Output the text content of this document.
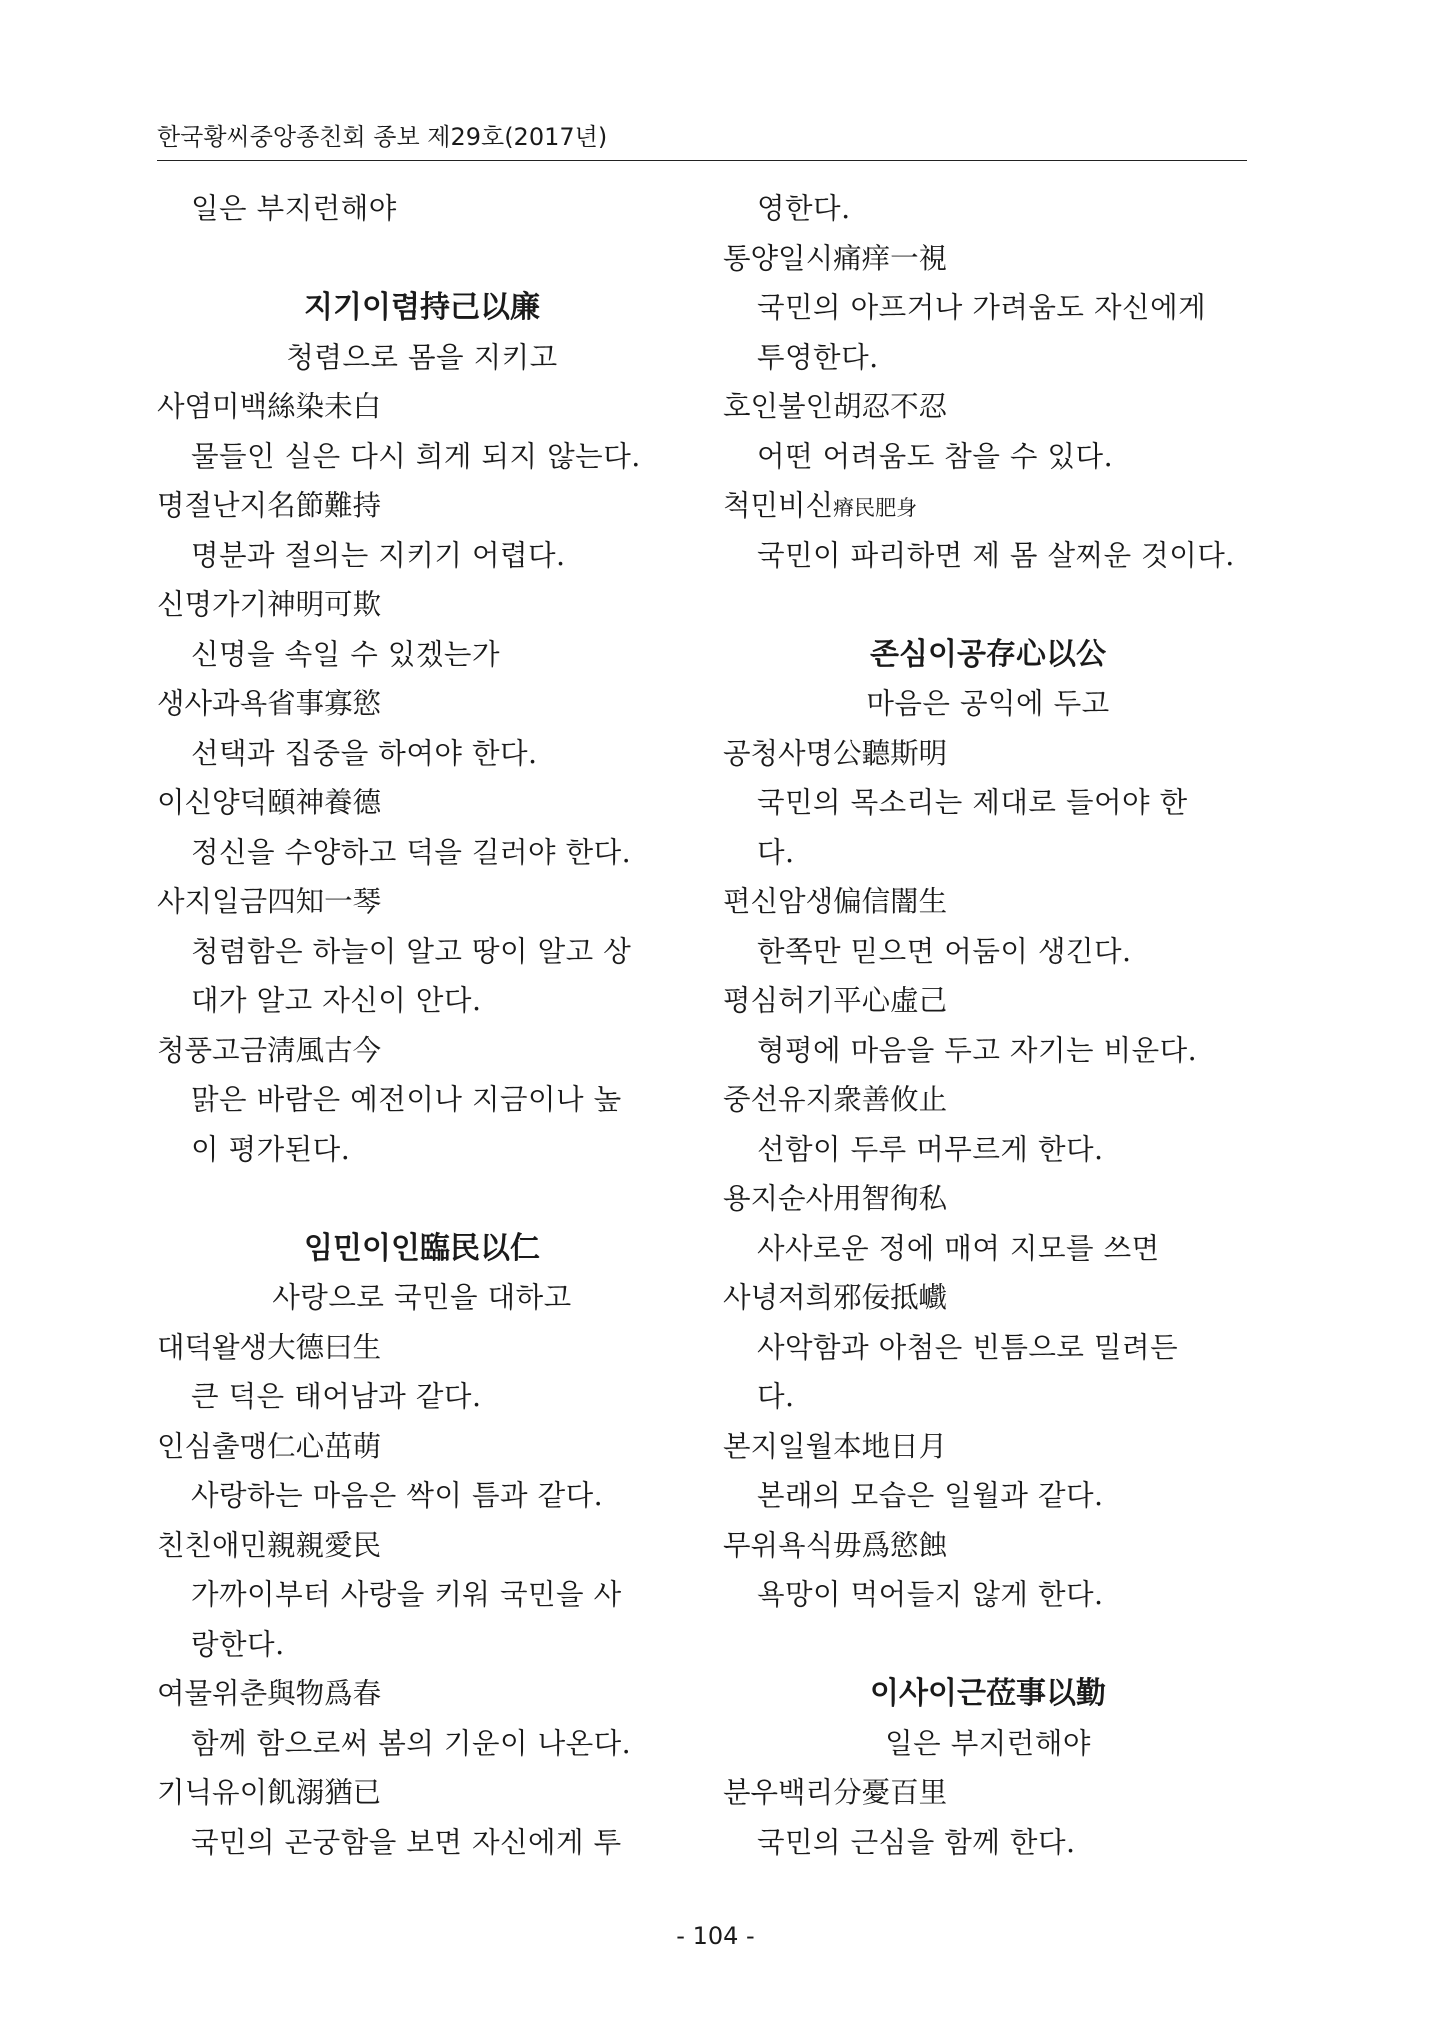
한국황씨중앙종친회 종보 제29호(2017년)
일은 부지런해야
지기이렴持己以廉
청렴으로 몸을 지키고
사염미백絲染未白
물들인 실은 다시 희게 되지 않는다.
명절난지名節難持
명분과 절의는 지키기 어렵다.
신명가기神明可欺
신명을 속일 수 있겠는가
생사과욕省事寡慾
선택과 집중을 하여야 한다.
이신양덕頤神養德
정신을 수양하고 덕을 길러야 한다.
사지일금四知一琴
청렴함은 하늘이 알고 땅이 알고 상
대가 알고 자신이 안다.
청풍고금淸風古今
맑은 바람은 예전이나 지금이나 높
이 평가된다.
임민이인臨民以仁
사랑으로 국민을 대하고
대덕왈생大德曰生
큰 덕은 태어남과 같다.
인심출맹仁心茁萌
사랑하는 마음은 싹이 틈과 같다.
친친애민親親愛民
가까이부터 사랑을 키워 국민을 사
랑한다.
여물위춘與物爲春
함께 함으로써 봄의 기운이 나온다.
기닉유이飢溺猶已
국민의 곤궁함을 보면 자신에게 투
영한다.
통양일시痛痒一視
국민의 아프거나 가려움도 자신에게
투영한다.
호인불인胡忍不忍
어떤 어려움도 참을 수 있다.
척민비신瘠民肥身
국민이 파리하면 제 몸 살찌운 것이다.
존심이공存心以公
마음은 공익에 두고
공청사명公聽斯明
국민의 목소리는 제대로 들어야 한
다.
편신암생偏信闇生
한쪽만 믿으면 어둠이 생긴다.
평심허기平心虛己
형평에 마음을 두고 자기는 비운다.
중선유지衆善攸止
선함이 두루 머무르게 한다.
용지순사用智徇私
사사로운 정에 매여 지모를 쓰면
사녕저희邪佞抵巇
사악함과 아첨은 빈틈으로 밀려든
다.
본지일월本地日月
본래의 모습은 일월과 같다.
무위욕식毋爲慾蝕
욕망이 먹어들지 않게 한다.
이사이근莅事以勤
일은 부지런해야
분우백리分憂百里
국민의 근심을 함께 한다.
- 104 -
